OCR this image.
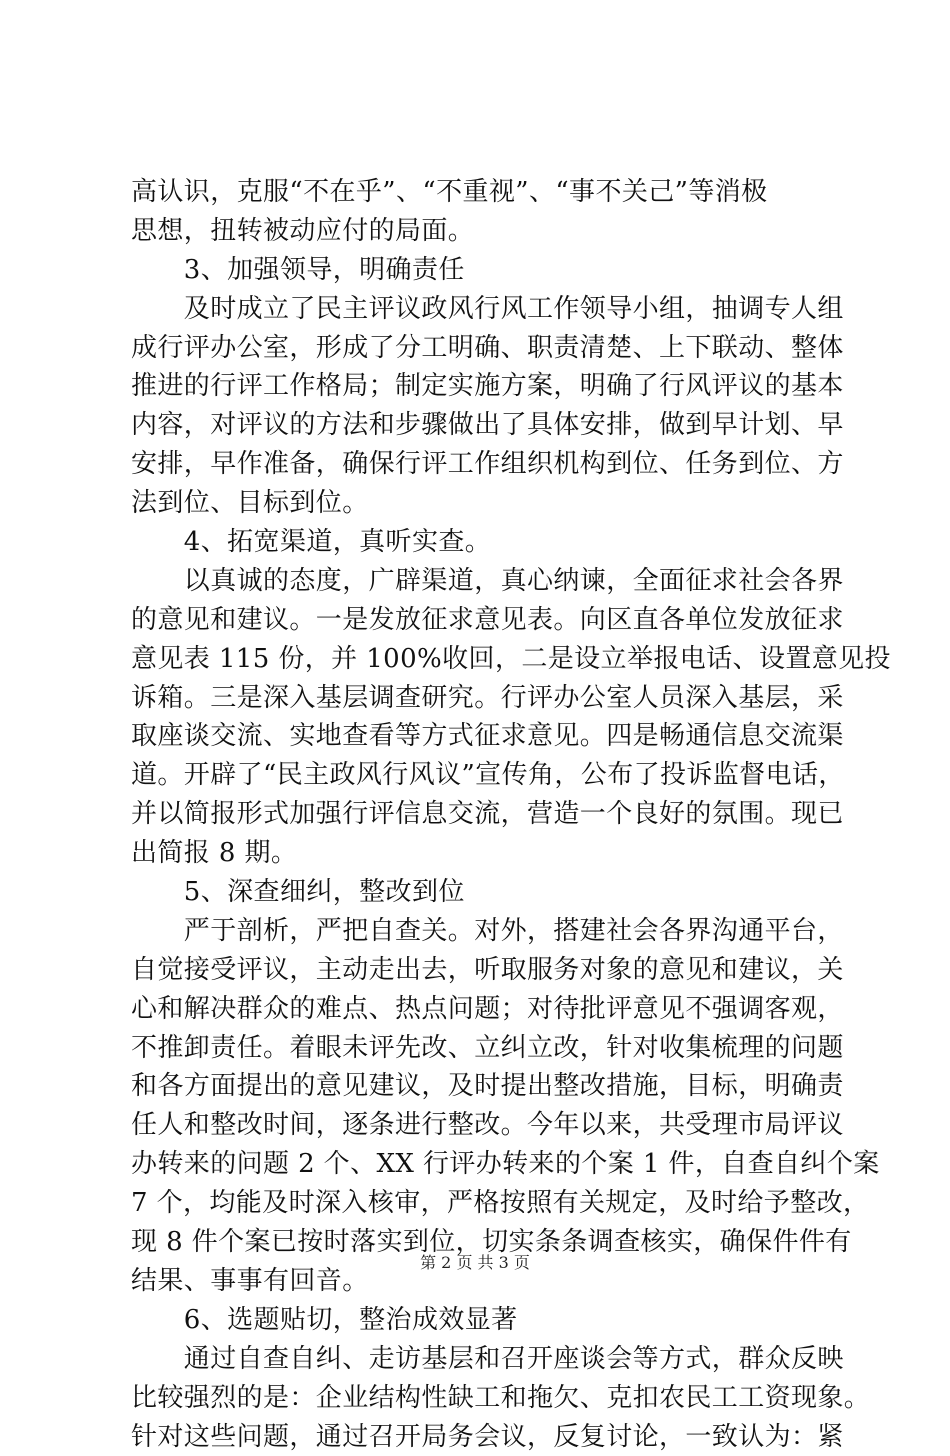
高认识，克服“不在乎”、“不重视”、“事不关己”等消极
思想，扭转被动应付的局面。
　　3、加强领导，明确责任
　　及时成立了民主评议政风行风工作领导小组，抽调专人组
成行评办公室，形成了分工明确、职责清楚、上下联动、整体
推进的行评工作格局；制定实施方案，明确了行风评议的基本
内容，对评议的方法和步骤做出了具体安排，做到早计划、早
安排，早作准备，确保行评工作组织机构到位、任务到位、方
法到位、目标到位。
　　4、拓宽渠道，真听实查。
　　以真诚的态度，广辟渠道，真心纳谏，全面征求社会各界
的意见和建议。一是发放征求意见表。向区直各单位发放征求
意见表 115 份，并 100%收回，二是设立举报电话、设置意见投
诉箱。三是深入基层调查研究。行评办公室人员深入基层，采
取座谈交流、实地查看等方式征求意见。四是畅通信息交流渠
道。开辟了“民主政风行风议”宣传角，公布了投诉监督电话，
并以简报形式加强行评信息交流，营造一个良好的氛围。现已
出简报 8 期。
　　5、深查细纠，整改到位
　　严于剖析，严把自查关。对外，搭建社会各界沟通平台，
自觉接受评议，主动走出去，听取服务对象的意见和建议，关
心和解决群众的难点、热点问题；对待批评意见不强调客观，
不推卸责任。着眼未评先改、立纠立改，针对收集梳理的问题
和各方面提出的意见建议，及时提出整改措施，目标，明确责
任人和整改时间，逐条进行整改。今年以来，共受理市局评议
办转来的问题 2 个、XX 行评办转来的个案 1 件，自查自纠个案
7 个，均能及时深入核审，严格按照有关规定，及时给予整改，
现 8 件个案已按时落实到位，切实条条调查核实，确保件件有
结果、事事有回音。
　　6、选题贴切，整治成效显著
　　通过自查自纠、走访基层和召开座谈会等方式，群众反映
比较强烈的是：企业结构性缺工和拖欠、克扣农民工工资现象。
针对这些问题，通过召开局务会议，反复讨论，一致认为：紧
第 2 页 共 3 页
